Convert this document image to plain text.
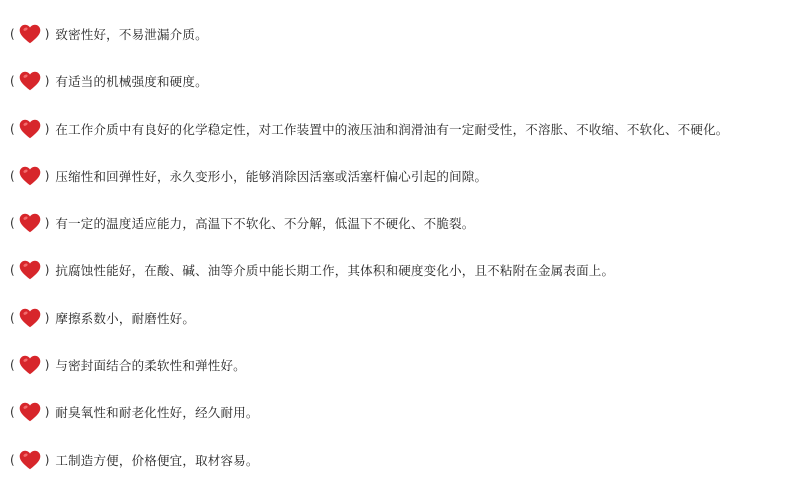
(	) 致密性好，不易泄漏介质。
(	) 有适当的机械强度和硬度。
(	) 在工作介质中有良好的化学稳定性，对工作装置中的液压油和润滑油有一定耐受性，不溶胀、不收缩、不软化、不硬化。
(	) 压缩性和回弹性好，永久变形小，能够消除因活塞或活塞杆偏心引起的间隙。
(	) 有一定的温度适应能力，高温下不软化、不分解，低温下不硬化、不脆裂。
(	) 抗腐蚀性能好，在酸、碱、油等介质中能长期工作，其体积和硬度变化小，且不粘附在金属表面上。
(	) 摩擦系数小，耐磨性好。
(	) 与密封面结合的柔软性和弹性好。
(	) 耐臭氧性和耐老化性好，经久耐用。
(	) 工制造方便，价格便宜，取材容易。
